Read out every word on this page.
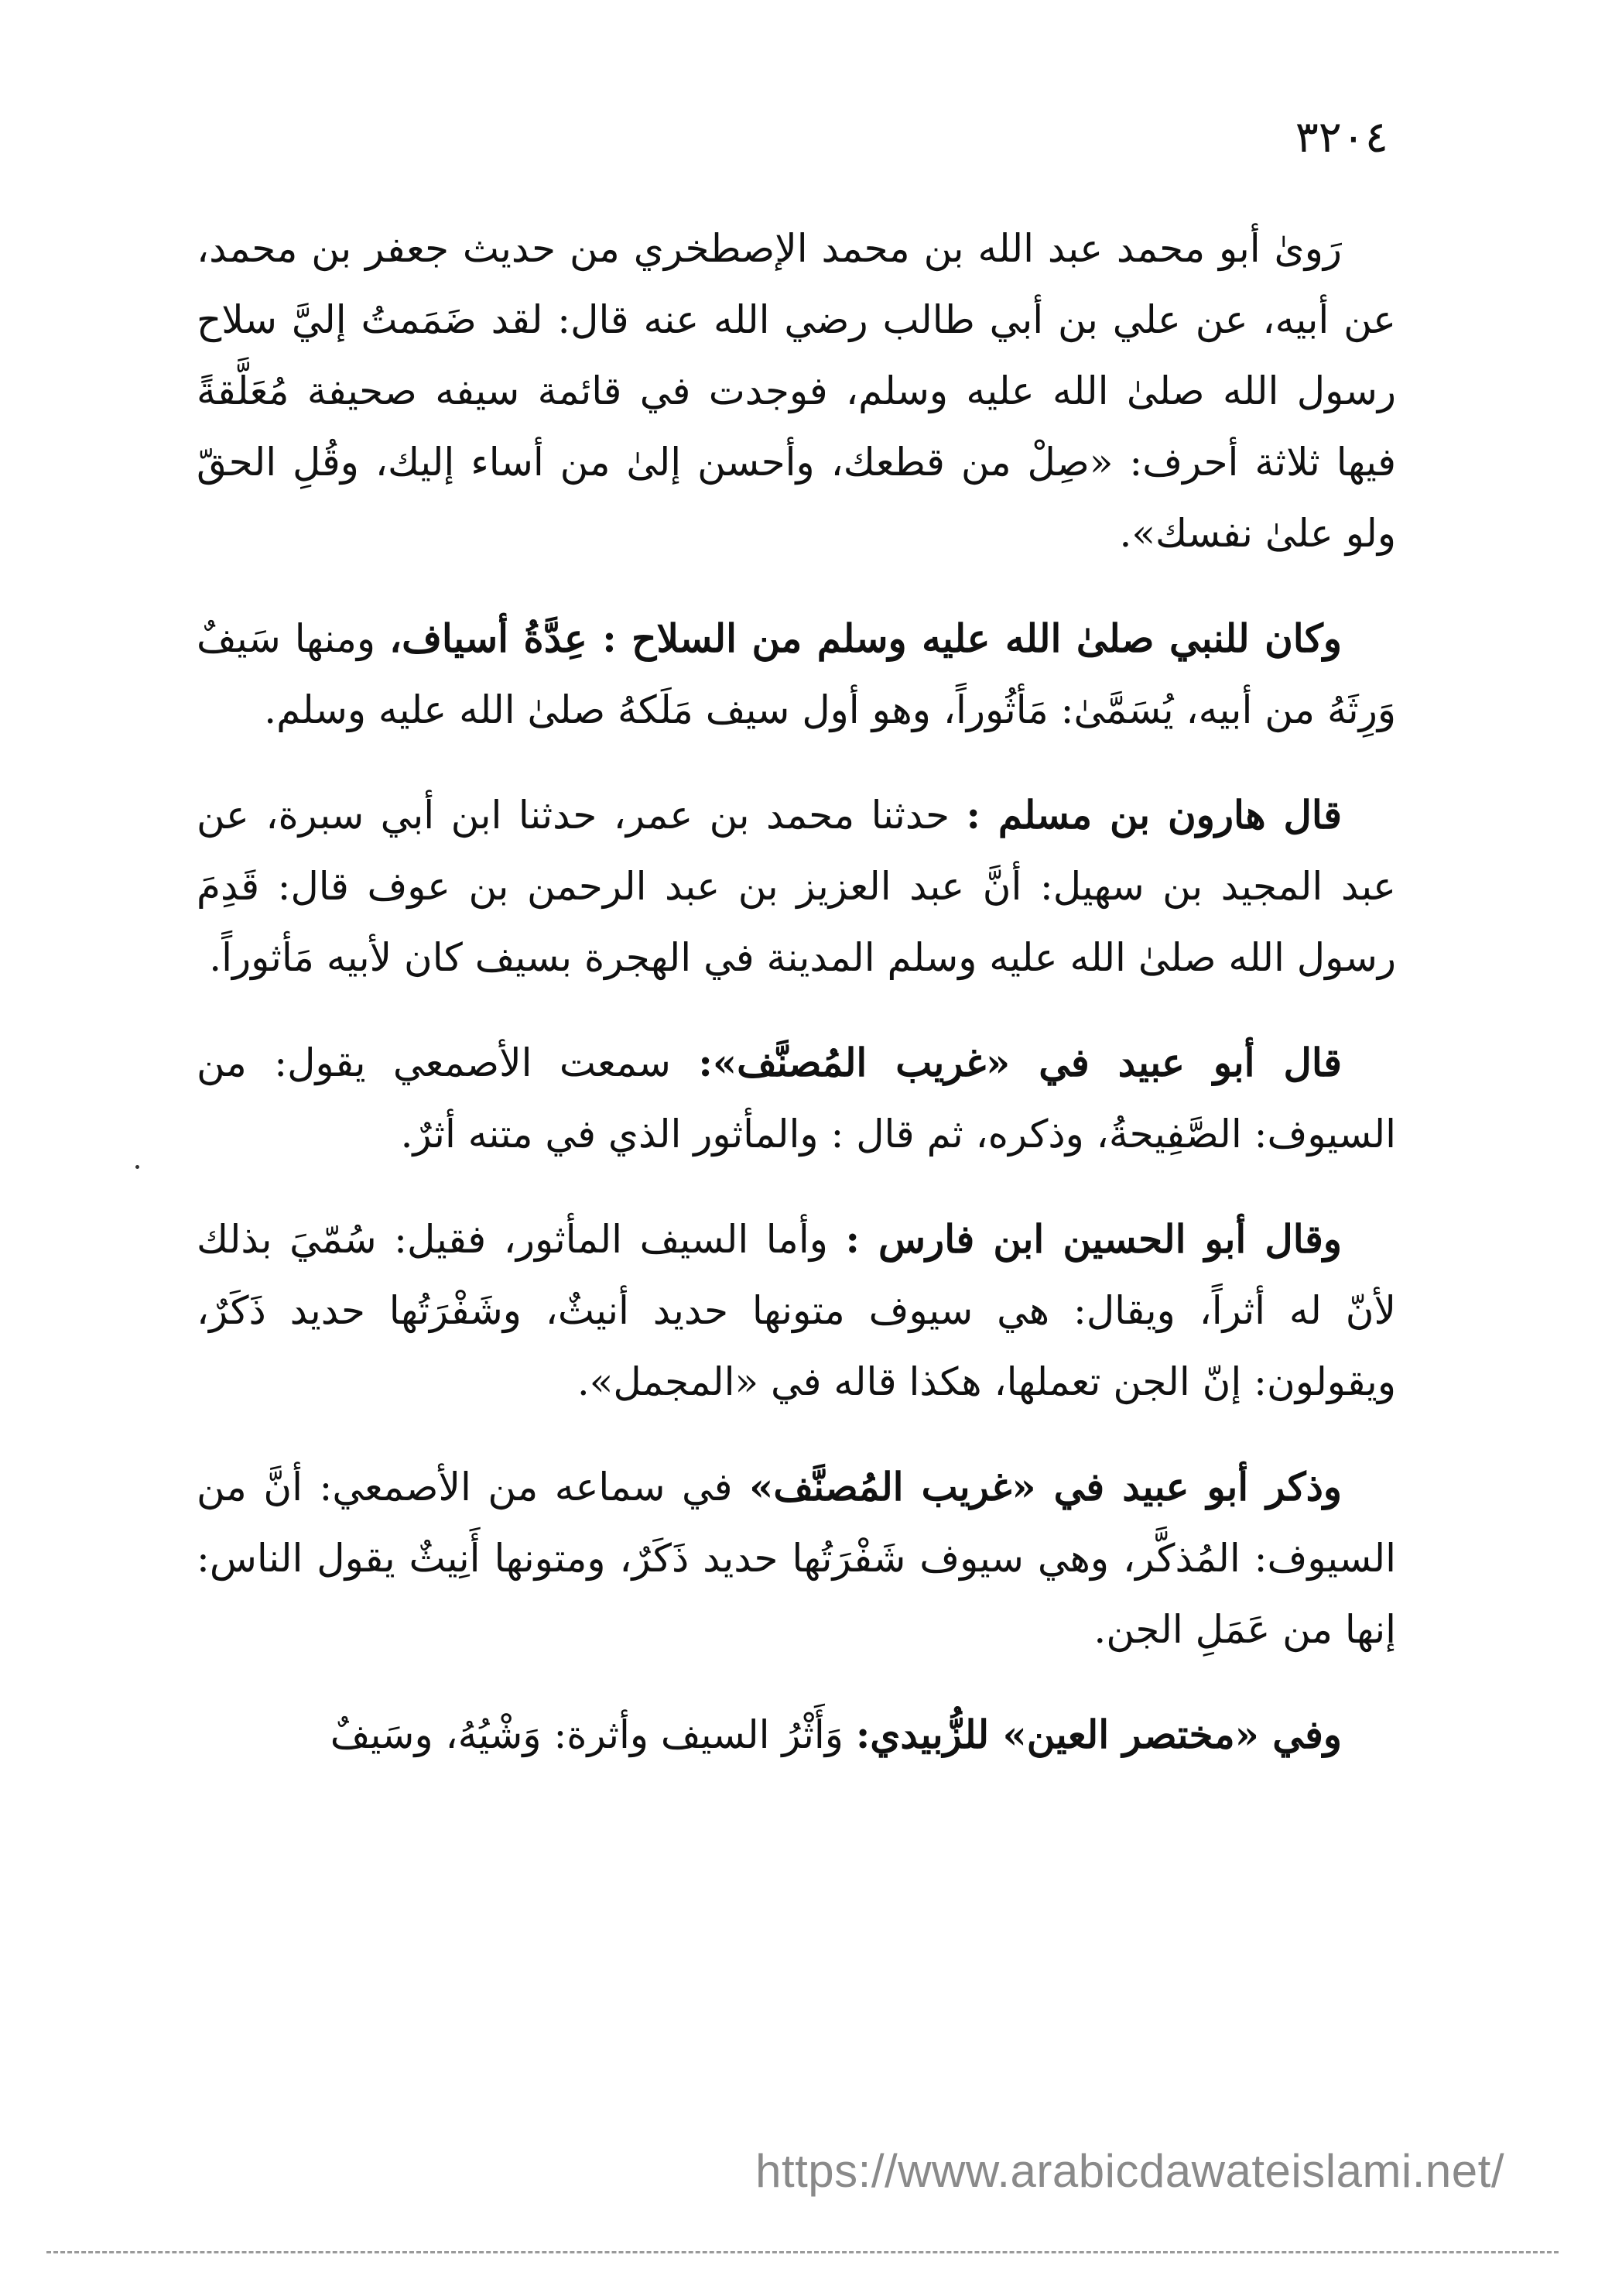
٣٢٠٤

رَوىٰ أبو محمد عبد الله بن محمد الإصطخري من حديث جعفر بن محمد، عن أبيه، عن علي بن أبي طالب رضي الله عنه قال: لقد ضَمَمتُ إليَّ سلاح رسول الله صلىٰ الله عليه وسلم، فوجدت في قائمة سيفه صحيفة مُعَلَّقةً فيها ثلاثة أحرف: «صِلْ من قطعك، وأحسن إلىٰ من أساء إليك، وقُلِ الحقّ ولو علىٰ نفسك».

وكان للنبي صلىٰ الله عليه وسلم من السلاح : عِدَّةُ أسياف، ومنها سَيفٌ وَرِثَهُ من أبيه، يُسَمَّىٰ: مَأثُوراً، وهو أول سيف مَلَكهُ صلىٰ الله عليه وسلم.

قال هارون بن مسلم : حدثنا محمد بن عمر، حدثنا ابن أبي سبرة، عن عبد المجيد بن سهيل: أنَّ عبد العزيز بن عبد الرحمن بن عوف قال: قَدِمَ رسول الله صلىٰ الله عليه وسلم المدينة في الهجرة بسيف كان لأبيه مَأثوراً.

قال أبو عبيد في «غريب المُصنَّف»: سمعت الأصمعي يقول: من السيوف: الصَّفِيحةُ، وذكره، ثم قال : والمأثور الذي في متنه أثرٌ.

وقال أبو الحسين ابن فارس : وأما السيف المأثور، فقيل: سُمّيَ بذلك لأنّ له أثراً، ويقال: هي سيوف متونها حديد أنيثٌ، وشَفْرَتُها حديد ذَكَرٌ، ويقولون: إنّ الجن تعملها، هكذا قاله في «المجمل».

وذكر أبو عبيد في «غريب المُصنَّف» في سماعه من الأصمعي: أنَّ من السيوف: المُذكَّر، وهي سيوف شَفْرَتُها حديد ذَكَرٌ، ومتونها أَنِيثٌ يقول الناس: إنها من عَمَلِ الجن.

وفي «مختصر العين» للزُّبيدي: وَأَثْرُ السيف وأثرة: وَشْيُهُ، وسَيفٌ

https://www.arabicdawateislami.net/
